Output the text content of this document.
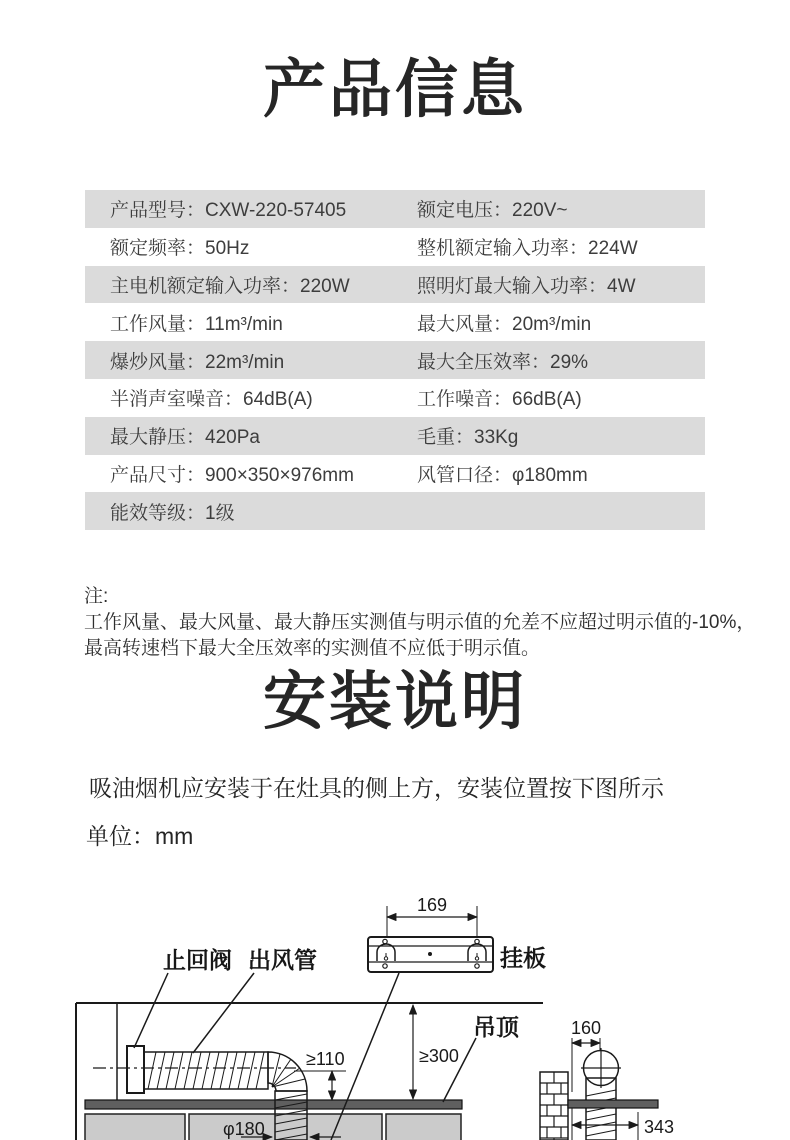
产品信息
产品型号：CXW-220-57405	额定电压：220V~
额定频率：50Hz	整机额定输入功率：224W
主电机额定输入功率：220W	照明灯最大输入功率：4W
工作风量：11m³/min	最大风量：20m³/min
爆炒风量：22m³/min	最大全压效率：29%
半消声室噪音：64dB(A)	工作噪音：66dB(A)
最大静压：420Pa	毛重：33Kg
产品尺寸：900×350×976mm	风管口径：φ180mm
能效等级：1级
注:
工作风量、最大风量、最大静压实测值与明示值的允差不应超过明示值的-10%，
最高转速档下最大全压效率的实测值不应低于明示值。
安装说明
吸油烟机应安装于在灶具的侧上方，安装位置按下图所示
单位：mm
≥110	≥300
φ180
止回阀 出风管
吊顶
挂板
169
160
343
